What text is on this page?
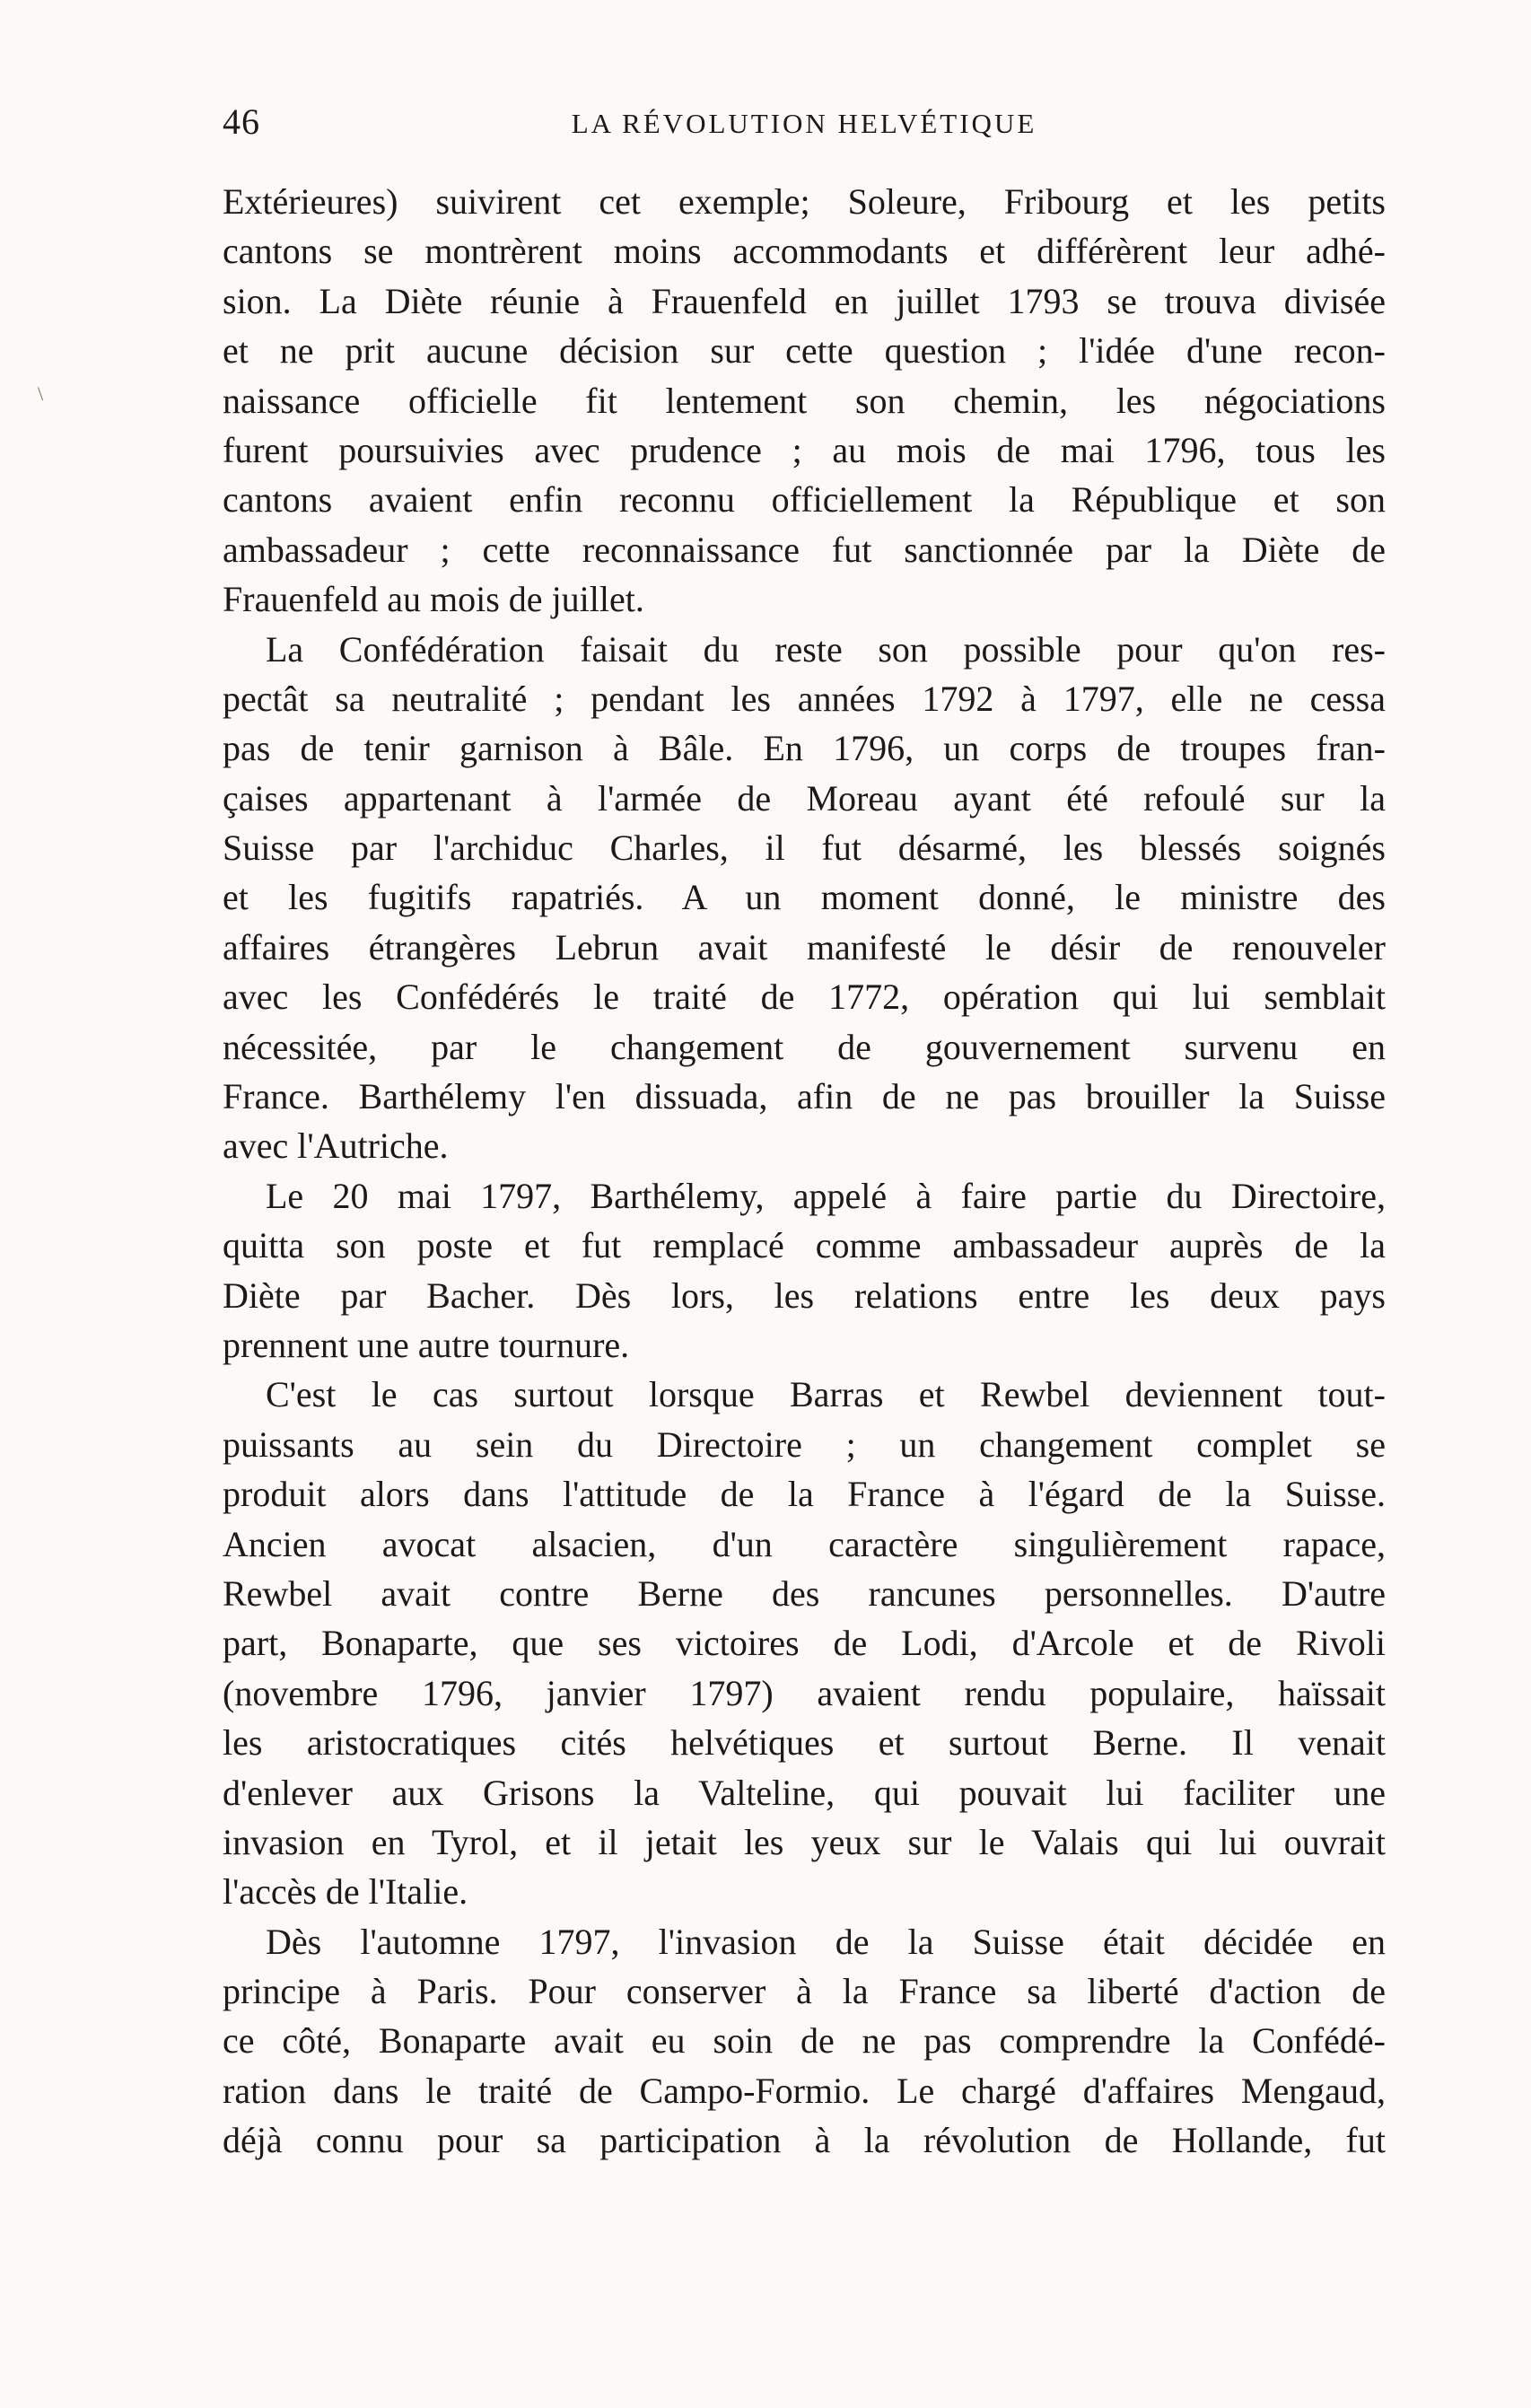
46	LA RÉVOLUTION HELVÉTIQUE
\
Extérieures) suivirent cet exemple; Soleure, Fribourg et les petits
cantons se montrèrent moins accommodants et différèrent leur adhé-
sion. La Diète réunie à Frauenfeld en juillet 1793 se trouva divisée
et ne prit aucune décision sur cette question ; l'idée d'une recon-
naissance officielle fit lentement son chemin, les négociations
furent poursuivies avec prudence ; au mois de mai 1796, tous les
cantons avaient enfin reconnu officiellement la République et son
ambassadeur ; cette reconnaissance fut sanctionnée par la Diète de
Frauenfeld au mois de juillet.
La Confédération faisait du reste son possible pour qu'on res-
pectât sa neutralité ; pendant les années 1792 à 1797, elle ne cessa
pas de tenir garnison à Bâle. En 1796, un corps de troupes fran-
çaises appartenant à l'armée de Moreau ayant été refoulé sur la
Suisse par l'archiduc Charles, il fut désarmé, les blessés soignés
et les fugitifs rapatriés. A un moment donné, le ministre des
affaires étrangères Lebrun avait manifesté le désir de renouveler
avec les Confédérés le traité de 1772, opération qui lui semblait
nécessitée, par le changement de gouvernement survenu en
France. Barthélemy l'en dissuada, afin de ne pas brouiller la Suisse
avec l'Autriche.
Le 20 mai 1797, Barthélemy, appelé à faire partie du Directoire,
quitta son poste et fut remplacé comme ambassadeur auprès de la
Diète par Bacher. Dès lors, les relations entre les deux pays
prennent une autre tournure.
C'est le cas surtout lorsque Barras et Rewbel deviennent tout-
puissants au sein du Directoire ; un changement complet se
produit alors dans l'attitude de la France à l'égard de la Suisse.
Ancien avocat alsacien, d'un caractère singulièrement rapace,
Rewbel avait contre Berne des rancunes personnelles. D'autre
part, Bonaparte, que ses victoires de Lodi, d'Arcole et de Rivoli
(novembre 1796, janvier 1797) avaient rendu populaire, haïssait
les aristocratiques cités helvétiques et surtout Berne. Il venait
d'enlever aux Grisons la Valteline, qui pouvait lui faciliter une
invasion en Tyrol, et il jetait les yeux sur le Valais qui lui ouvrait
l'accès de l'Italie.
Dès l'automne 1797, l'invasion de la Suisse était décidée en
principe à Paris. Pour conserver à la France sa liberté d'action de
ce côté, Bonaparte avait eu soin de ne pas comprendre la Confédé-
ration dans le traité de Campo-Formio. Le chargé d'affaires Mengaud,
déjà connu pour sa participation à la révolution de Hollande, fut
